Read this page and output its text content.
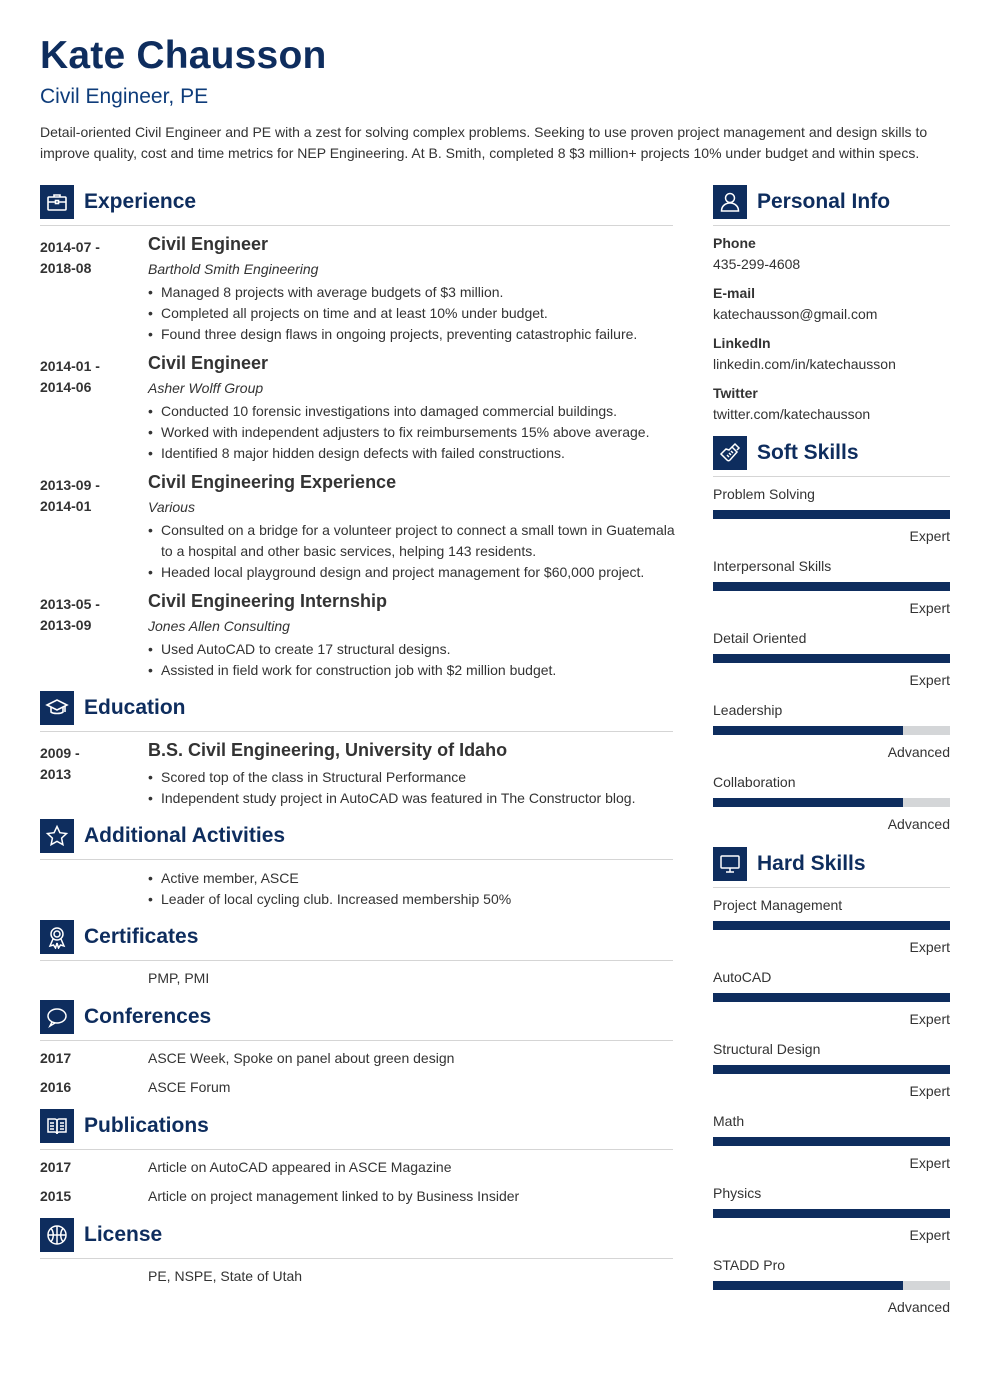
Kate Chausson
Civil Engineer, PE
Detail-oriented Civil Engineer and PE with a zest for solving complex problems. Seeking to use proven project management and design skills to improve quality, cost and time metrics for NEP Engineering. At B. Smith, completed 8 $3 million+ projects 10% under budget and within specs.
Experience
2014-07 -
2018-08
Civil Engineer
Barthold Smith Engineering
• Managed 8 projects with average budgets of $3 million.
• Completed all projects on time and at least 10% under budget.
• Found three design flaws in ongoing projects, preventing catastrophic failure.
2014-01 -
2014-06
Civil Engineer
Asher Wolff Group
• Conducted 10 forensic investigations into damaged commercial buildings.
• Worked with independent adjusters to fix reimbursements 15% above average.
• Identified 8 major hidden design defects with failed constructions.
2013-09 -
2014-01
Civil Engineering Experience
Various
• Consulted on a bridge for a volunteer project to connect a small town in Guatemala to a hospital and other basic services, helping 143 residents.
• Headed local playground design and project management for $60,000 project.
2013-05 -
2013-09
Civil Engineering Internship
Jones Allen Consulting
• Used AutoCAD to create 17 structural designs.
• Assisted in field work for construction job with $2 million budget.
Education
2009 -
2013
B.S. Civil Engineering, University of Idaho
• Scored top of the class in Structural Performance
• Independent study project in AutoCAD was featured in The Constructor blog.
Additional Activities
• Active member, ASCE
• Leader of local cycling club. Increased membership 50%
Certificates
PMP, PMI
Conferences
2017	ASCE Week, Spoke on panel about green design
2016	ASCE Forum
Publications
2017	Article on AutoCAD appeared in ASCE Magazine
2015	Article on project management linked to by Business Insider
License
PE, NSPE, State of Utah
Personal Info
Phone
435-299-4608
E-mail
katechausson@gmail.com
LinkedIn
linkedin.com/in/katechausson
Twitter
twitter.com/katechausson
Soft Skills
Problem Solving
Expert
Interpersonal Skills
Expert
Detail Oriented
Expert
Leadership
Advanced
Collaboration
Advanced
Hard Skills
Project Management
Expert
AutoCAD
Expert
Structural Design
Expert
Math
Expert
Physics
Expert
STADD Pro
Advanced
